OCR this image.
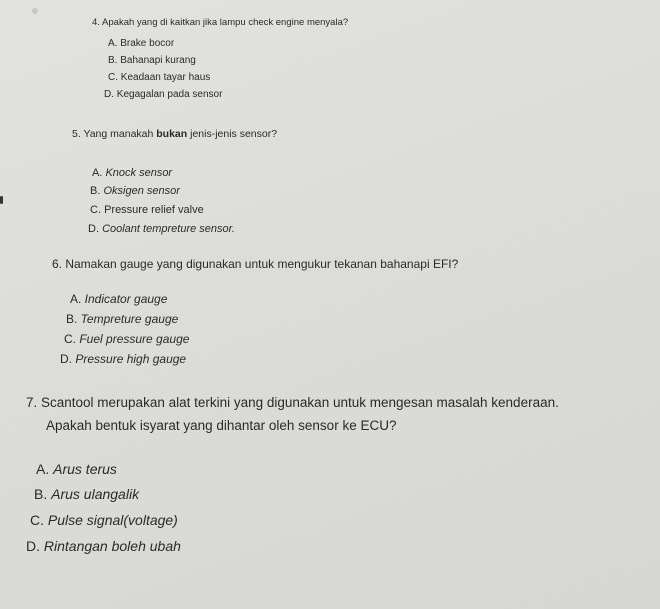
4. Apakah yang di kaitkan jika lampu check engine menyala?
A. Brake bocor
B. Bahanapi kurang
C. Keadaan tayar haus
D. Kegagalan pada sensor
5. Yang manakah bukan jenis-jenis sensor?
A. Knock sensor
B. Oksigen sensor
C. Pressure relief valve
D. Coolant tempreture sensor.
6. Namakan gauge yang digunakan untuk mengukur tekanan bahanapi EFI?
A. Indicator gauge
B. Tempreture gauge
C. Fuel pressure gauge
D. Pressure high gauge
7. Scantool merupakan alat terkini yang digunakan untuk mengesan masalah kenderaan.
Apakah bentuk isyarat yang dihantar oleh sensor ke ECU?
A. Arus terus
B. Arus ulangalik
C. Pulse signal(voltage)
D. Rintangan boleh ubah
